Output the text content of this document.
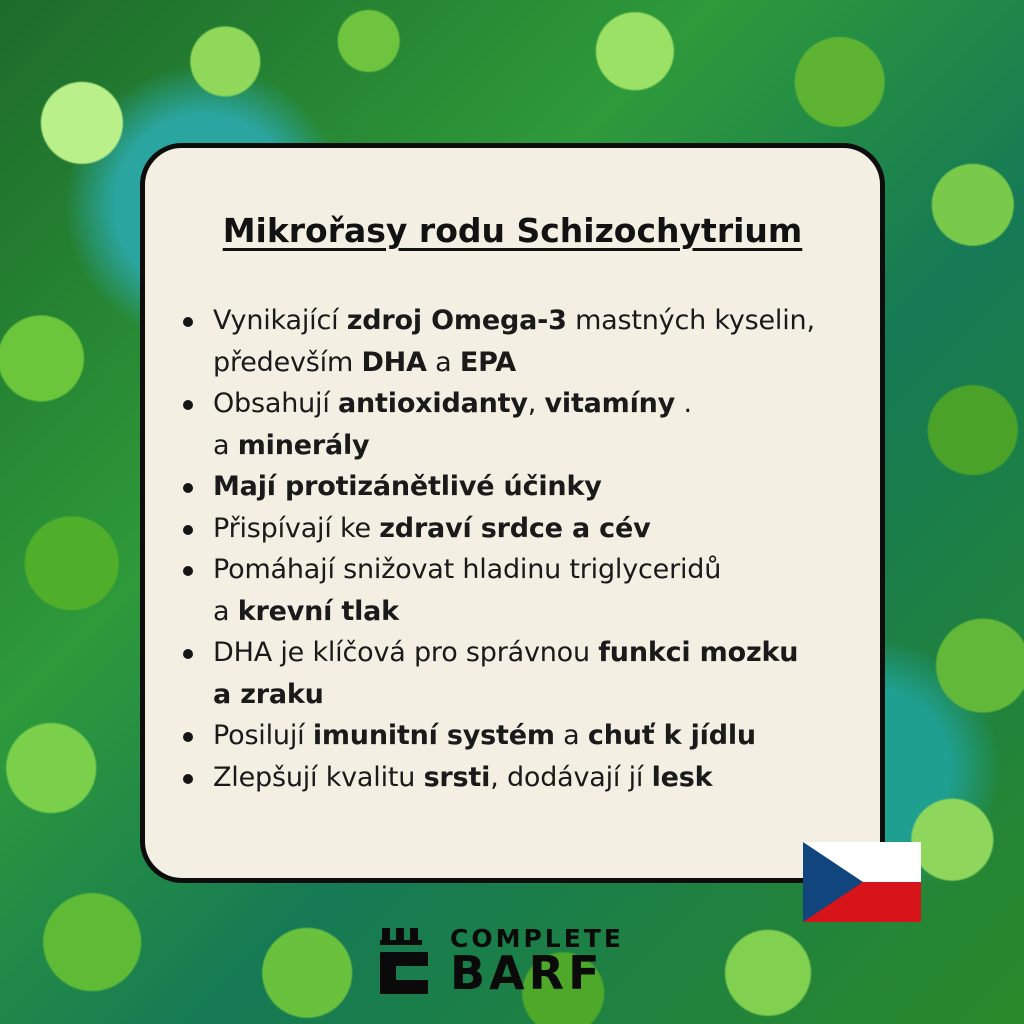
Mikrořasy rodu Schizochytrium
Vynikající zdroj Omega-3 mastných kyselin,
především DHA a EPA
Obsahují antioxidanty, vitamíny .
a minerály
Mají protizánětlivé účinky
Přispívají ke zdraví srdce a cév
Pomáhají snižovat hladinu triglyceridů
a krevní tlak
DHA je klíčová pro správnou funkci mozku
a zraku
Posilují imunitní systém a chuť k jídlu
Zlepšují kvalitu srsti, dodávají jí lesk
COMPLETE
BARF
